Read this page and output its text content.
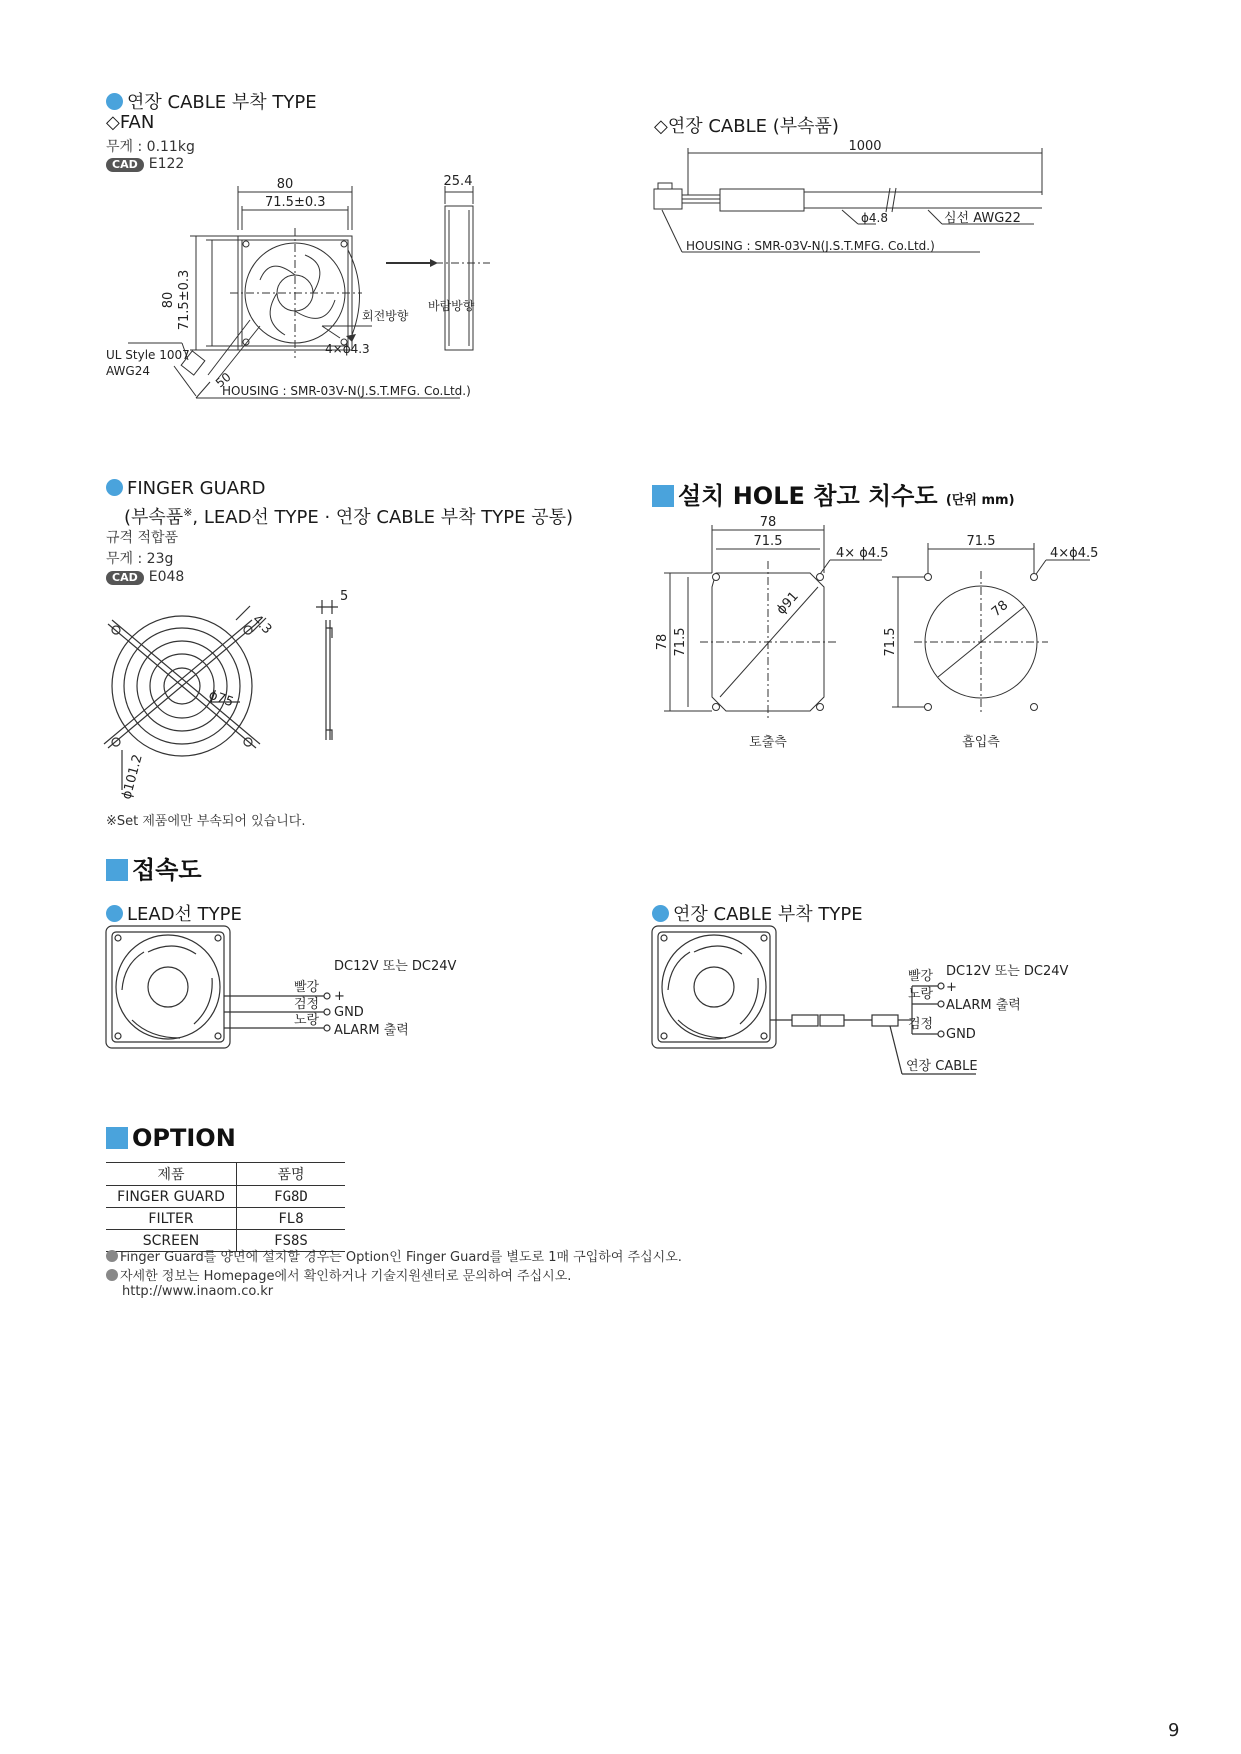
연장 CABLE 부착 TYPE
◇FAN
무게 : 0.11kg
CAD E122
80
71.5±0.3
25.4
80 71.5±0.3	회전방향
바람방향
4×ϕ4.3
UL Style 1007
AWG24	50
HOUSING : SMR-03V-N(J.S.T.MFG. Co.Ltd.)
◇연장 CABLE (부속품)
1000
ϕ4.8	심선 AWG22
HOUSING : SMR-03V-N(J.S.T.MFG. Co.Ltd.)
FINGER GUARD
(부속품※, LEAD선 TYPE · 연장 CABLE 부착 TYPE 공통)
규격 적합품
무게 : 23g
CAD E048
4.3
ϕ75
ϕ101.2
5
※Set 제품에만 부속되어 있습니다.
설치 HOLE 참고 치수도 (단위 mm)
78
71.5
4× ϕ4.5
78 71.5
ϕ91
토출측
71.5
4×ϕ4.5
71.5
78
흡입측
접속도
LEAD선 TYPE
DC12V 또는 DC24V
빨강
검정
노랑
+
GND
ALARM 출력
연장 CABLE 부착 TYPE
DC12V 또는 DC24V
빨강
노랑
검정
+
ALARM 출력
GND
연장 CABLE
OPTION
제품	품명
FINGER GUARD	FG8D
FILTER	FL8
SCREEN	FS8S
Finger Guard를 양면에 설치할 경우는 Option인 Finger Guard를 별도로 1매 구입하여 주십시오.
자세한 정보는 Homepage에서 확인하거나 기술지원센터로 문의하여 주십시오.
http://www.inaom.co.kr
9
